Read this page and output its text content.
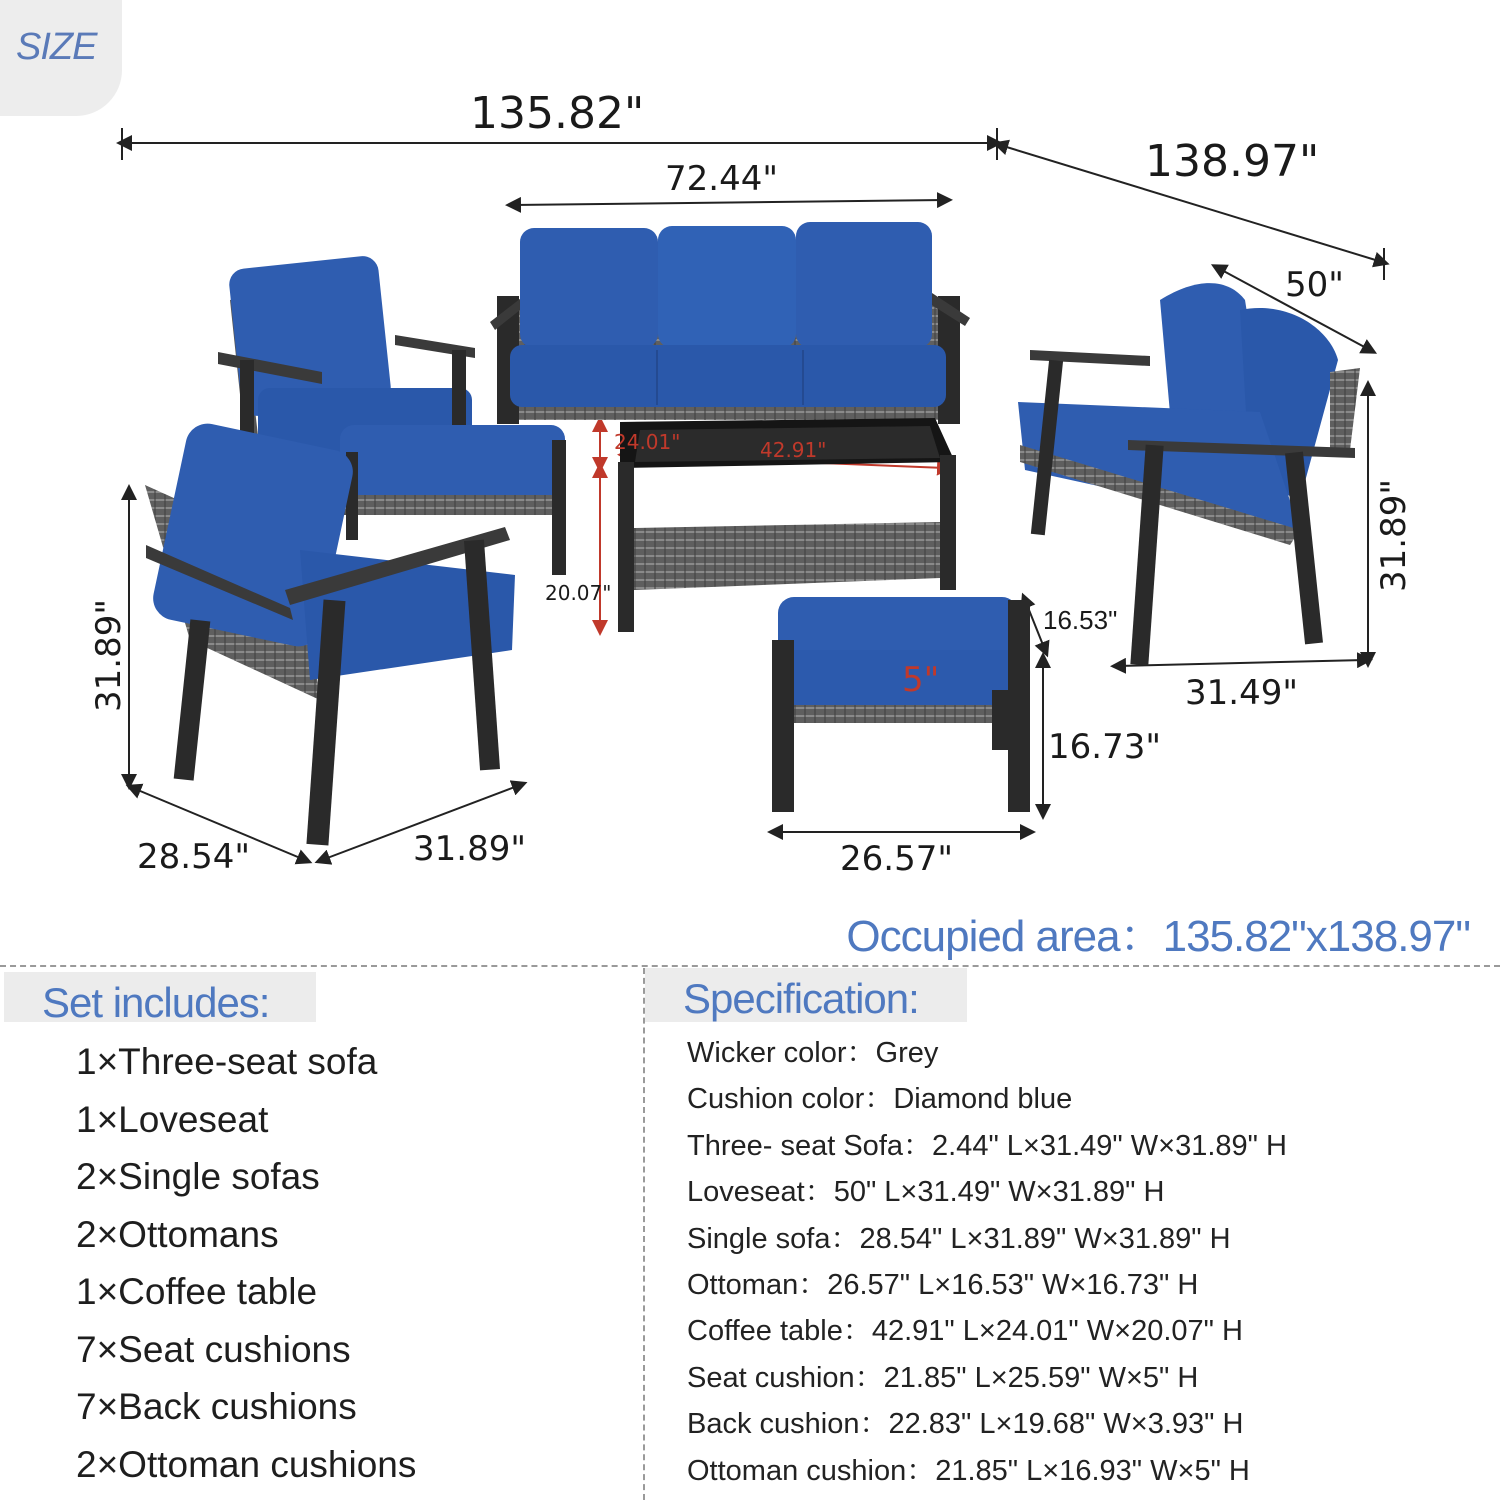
SIZE
135.82"
138.97"
72.44"
50"
31.89"
31.49"
31.89"
28.54"	31.89"
24.01"	42.91"
20.07"
16.53"
5"
16.73"
26.57"
Occupied area：135.82"x138.97"
Set includes:
1×Three-seat sofa
1×Loveseat
2×Single sofas
2×Ottomans
1×Coffee table
7×Seat cushions
7×Back cushions
2×Ottoman cushions
Specification:
Wicker color：Grey
Cushion color：Diamond blue
Three- seat Sofa：2.44" L×31.49" W×31.89" H
Loveseat：50" L×31.49" W×31.89" H
Single sofa：28.54" L×31.89" W×31.89" H
Ottoman：26.57" L×16.53" W×16.73" H
Coffee table：42.91" L×24.01" W×20.07" H
Seat cushion：21.85" L×25.59" W×5" H
Back cushion：22.83" L×19.68" W×3.93" H
Ottoman cushion：21.85" L×16.93" W×5" H
